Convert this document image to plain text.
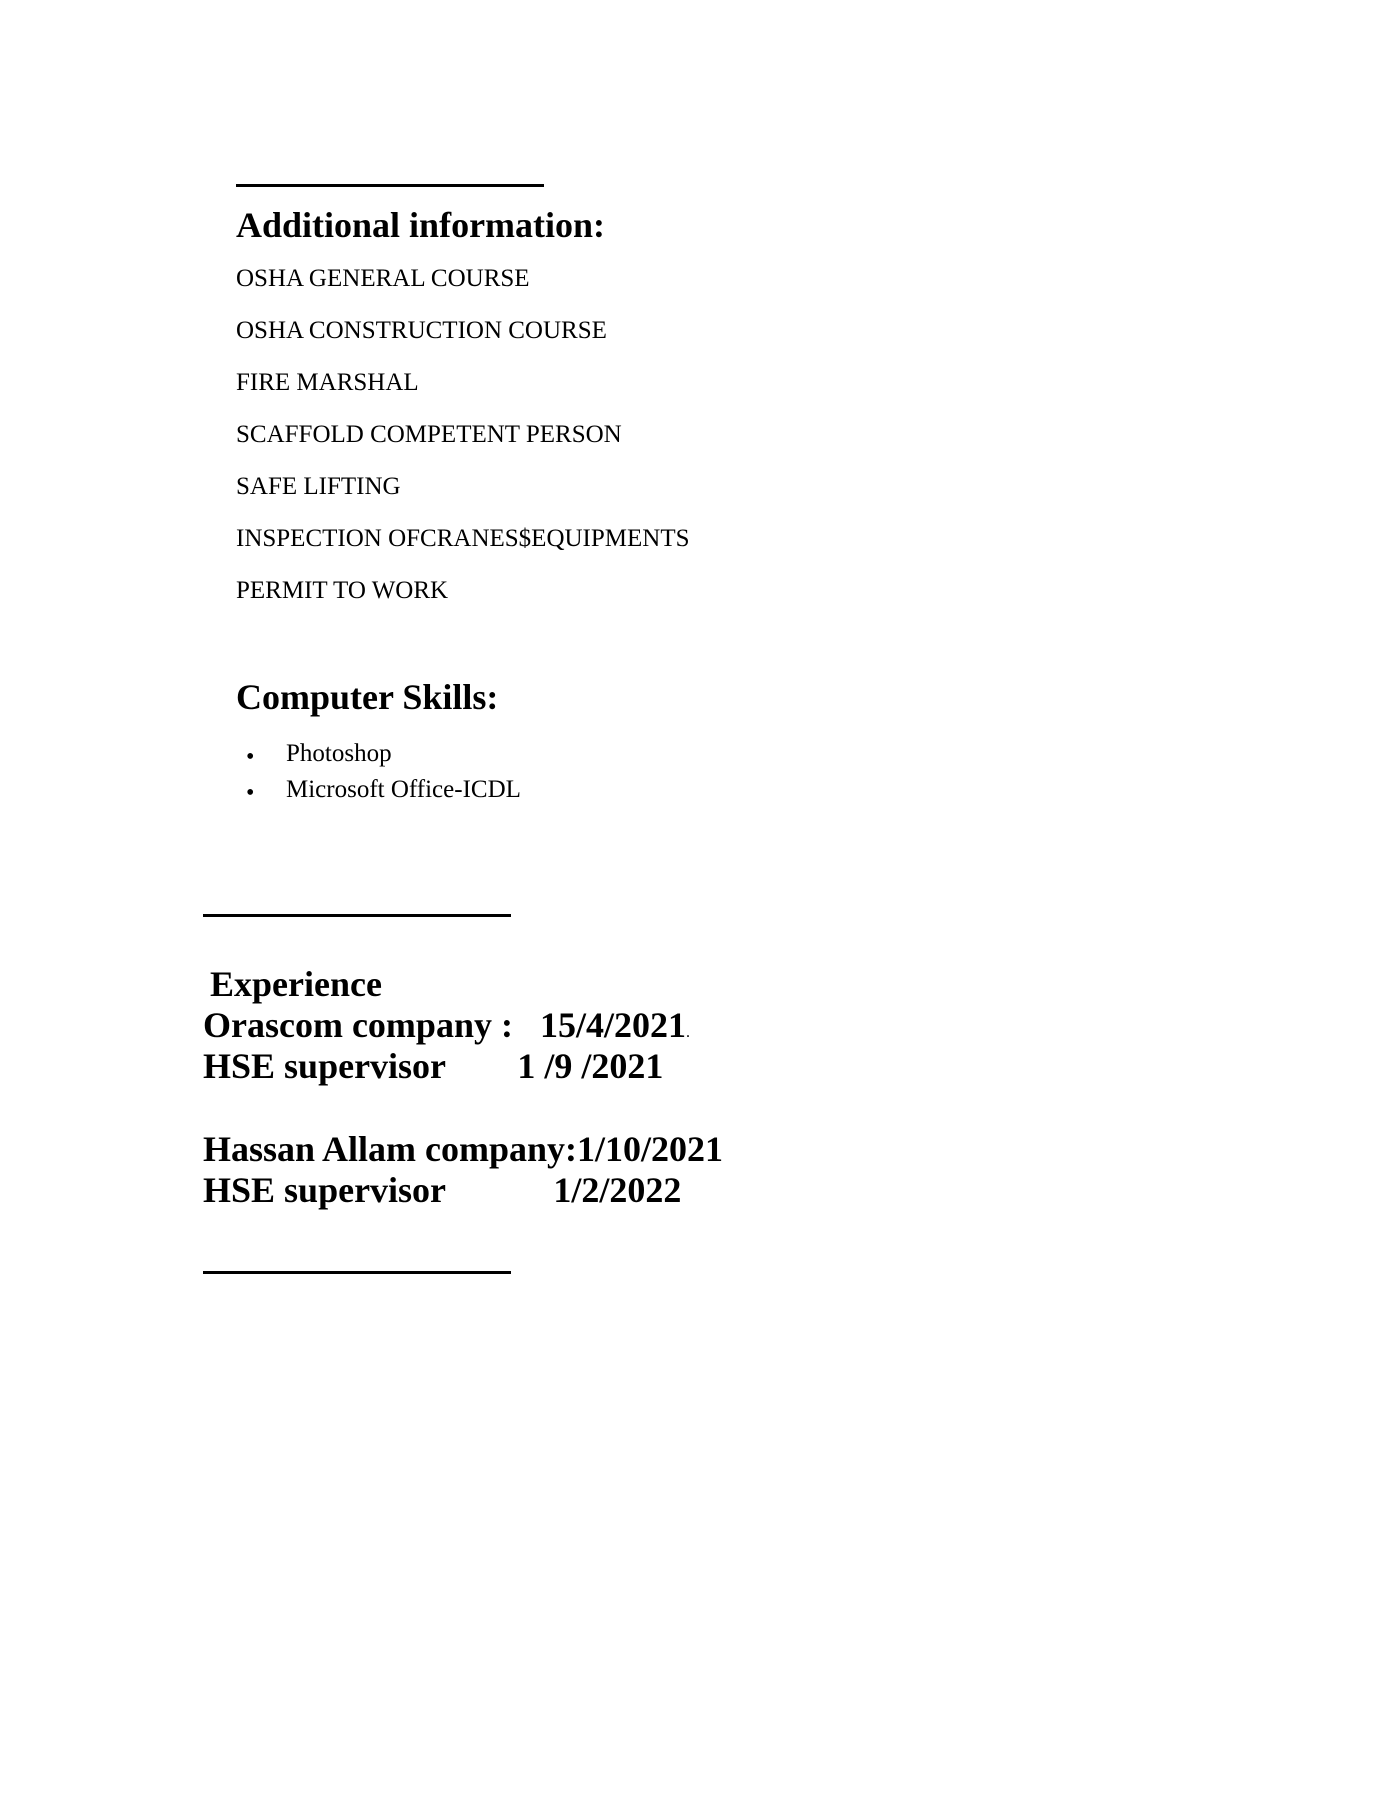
Additional information:
OSHA GENERAL COURSE
OSHA CONSTRUCTION COURSE
FIRE MARSHAL
SCAFFOLD COMPETENT PERSON
SAFE LIFTING
INSPECTION OFCRANES$EQUIPMENTS
PERMIT TO WORK
Computer Skills:
• Photoshop
• Microsoft Office-ICDL
Experience
Orascom company : 15/4/2021.
HSE supervisor 1 /9 /2021
Hassan Allam company:1/10/2021
HSE supervisor	1/2/2022
